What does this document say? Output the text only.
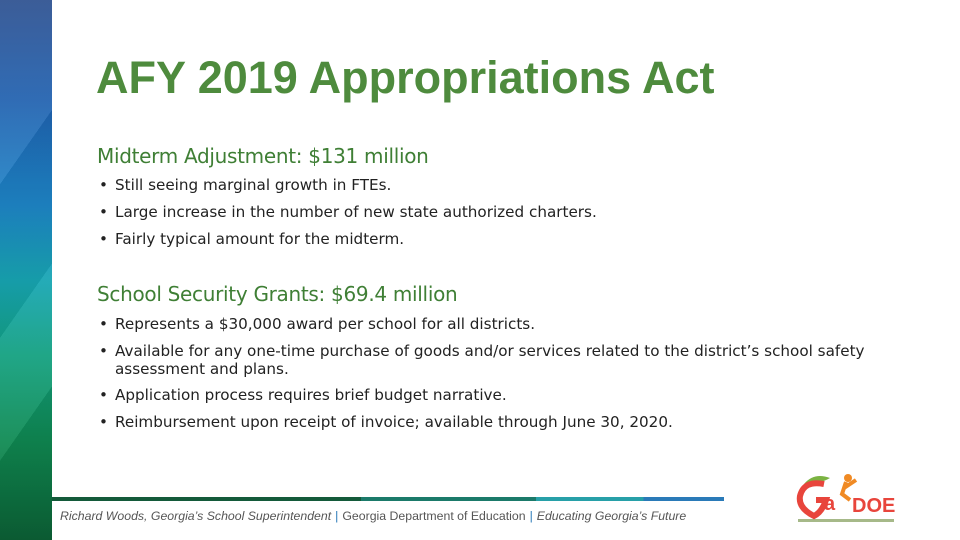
AFY 2019 Appropriations Act
Midterm Adjustment: $131 million
• Still seeing marginal growth in FTEs.
• Large increase in the number of new state authorized charters.
• Fairly typical amount for the midterm.
School Security Grants: $69.4 million
• Represents a $30,000 award per school for all districts.
• Available for any one-time purchase of goods and/or services related to the district’s school safety assessment and plans.
• Application process requires brief budget narrative.
• Reimbursement upon receipt of invoice; available through June 30, 2020.
Richard Woods, Georgia’s School Superintendent | Georgia Department of Education | Educating Georgia’s Future
a DOE
